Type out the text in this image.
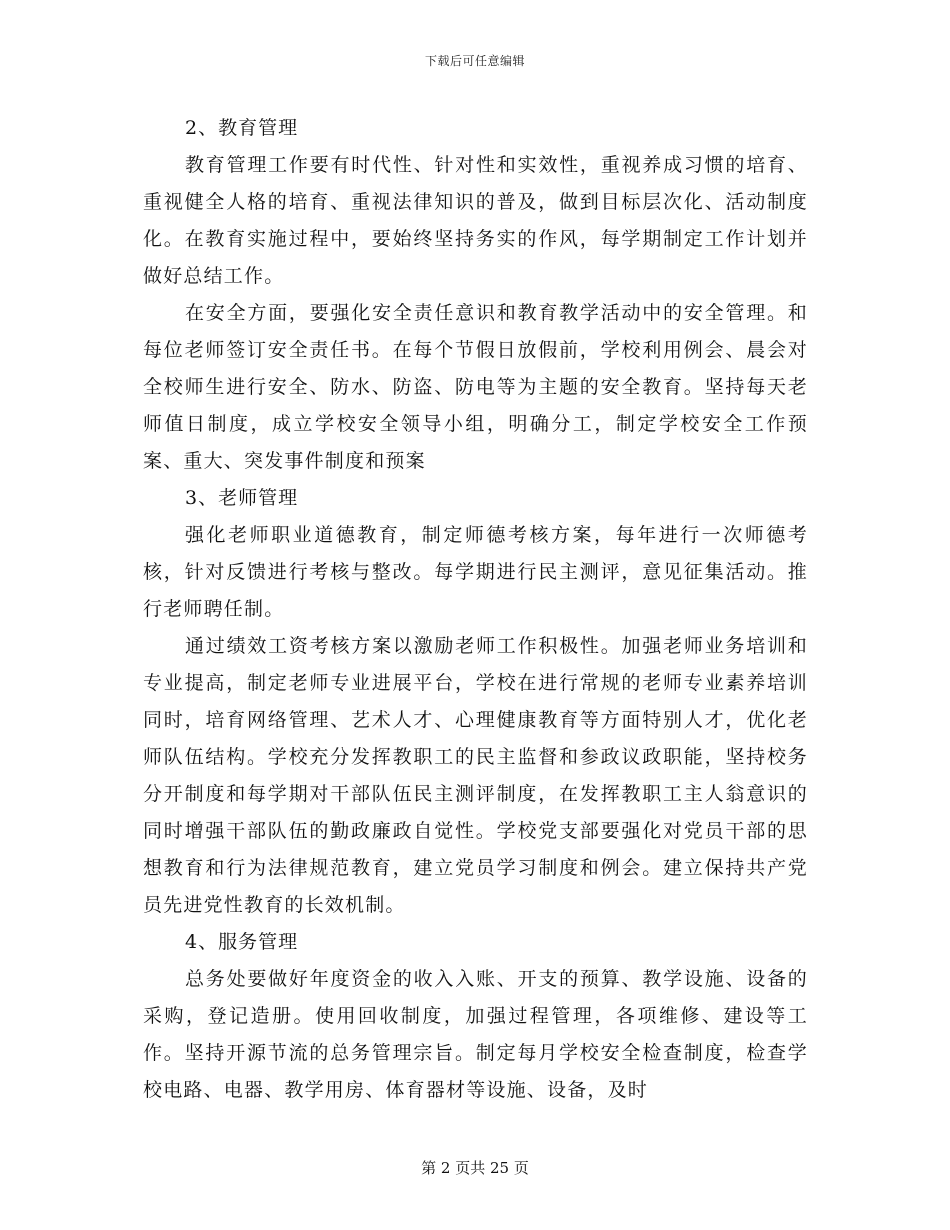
下载后可任意编辑
2、教育管理

教育管理工作要有时代性、针对性和实效性，重视养成习惯的培育、重视健全人格的培育、重视法律知识的普及，做到目标层次化、活动制度化。在教育实施过程中，要始终坚持务实的作风，每学期制定工作计划并做好总结工作。

在安全方面，要强化安全责任意识和教育教学活动中的安全管理。和每位老师签订安全责任书。在每个节假日放假前，学校利用例会、晨会对全校师生进行安全、防水、防盗、防电等为主题的安全教育。坚持每天老师值日制度，成立学校安全领导小组，明确分工，制定学校安全工作预案、重大、突发事件制度和预案

3、老师管理

强化老师职业道德教育，制定师德考核方案，每年进行一次师德考核，针对反馈进行考核与整改。每学期进行民主测评，意见征集活动。推行老师聘任制。

通过绩效工资考核方案以激励老师工作积极性。加强老师业务培训和专业提高，制定老师专业进展平台，学校在进行常规的老师专业素养培训同时，培育网络管理、艺术人才、心理健康教育等方面特别人才，优化老师队伍结构。学校充分发挥教职工的民主监督和参政议政职能，坚持校务分开制度和每学期对干部队伍民主测评制度，在发挥教职工主人翁意识的同时增强干部队伍的勤政廉政自觉性。学校党支部要强化对党员干部的思想教育和行为法律规范教育，建立党员学习制度和例会。建立保持共产党员先进党性教育的长效机制。

4、服务管理

总务处要做好年度资金的收入入账、开支的预算、教学设施、设备的采购，登记造册。使用回收制度，加强过程管理，各项维修、建设等工作。坚持开源节流的总务管理宗旨。制定每月学校安全检查制度，检查学校电路、电器、教学用房、体育器材等设施、设备，及时

第 2 页共 25 页
